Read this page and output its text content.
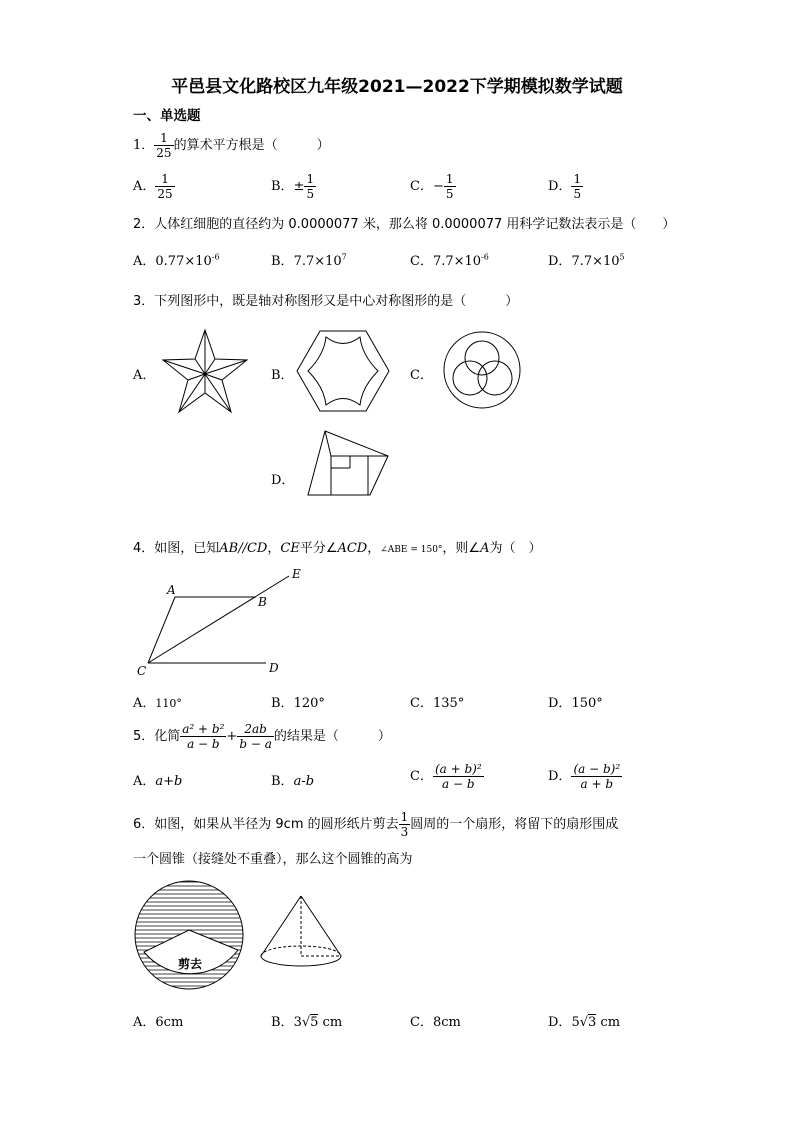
平邑县文化路校区九年级2021—2022下学期模拟数学试题
一、单选题
1． $\frac{1}{25}$ 的算术平方根是（　　　）
A． $\frac{1}{25}$	B．± $\frac{1}{5}$	C．− $\frac{1}{5}$	D． $\frac{1}{5}$
2．人体红细胞的直径约为 0.0000077 米，那么将 0.0000077 用科学记数法表示是（　　）
A．$0.77\times 10^{-6}$	B．$7.7\times 10^7$	C．$7.7\times 10^{-6}$	D．$7.7\times 10^5$
3．下列图形中，既是轴对称图形又是中心对称图形的是（　　　）
A．	B．	C．
D．
4．如图，已知AB//CD，CE平分∠ACD，∠ABE = 150°，则∠A为（　）
A
B
C	D
E
A．110°	B．120°	C．135°	D．150°
5．化简 $\frac{\text{a² + b²}}{a - b} + \frac{2ab}{b - a}$ 的结果是（　　　）
A．a+b	B．a-b	C． $\frac{\text{(a + b)²}}{a - b}$	D． $\frac{\text{(a − b)²}}{a + b}$
6．如图，如果从半径为 9cm 的圆形纸片剪去 $\frac{1}{3}$ 圆周的一个扇形，将留下的扇形围成
一个圆锥（接缝处不重叠），那么这个圆锥的高为
剪去
A．6cm	B．3√5 cm	C．8cm	D．5√3 cm
